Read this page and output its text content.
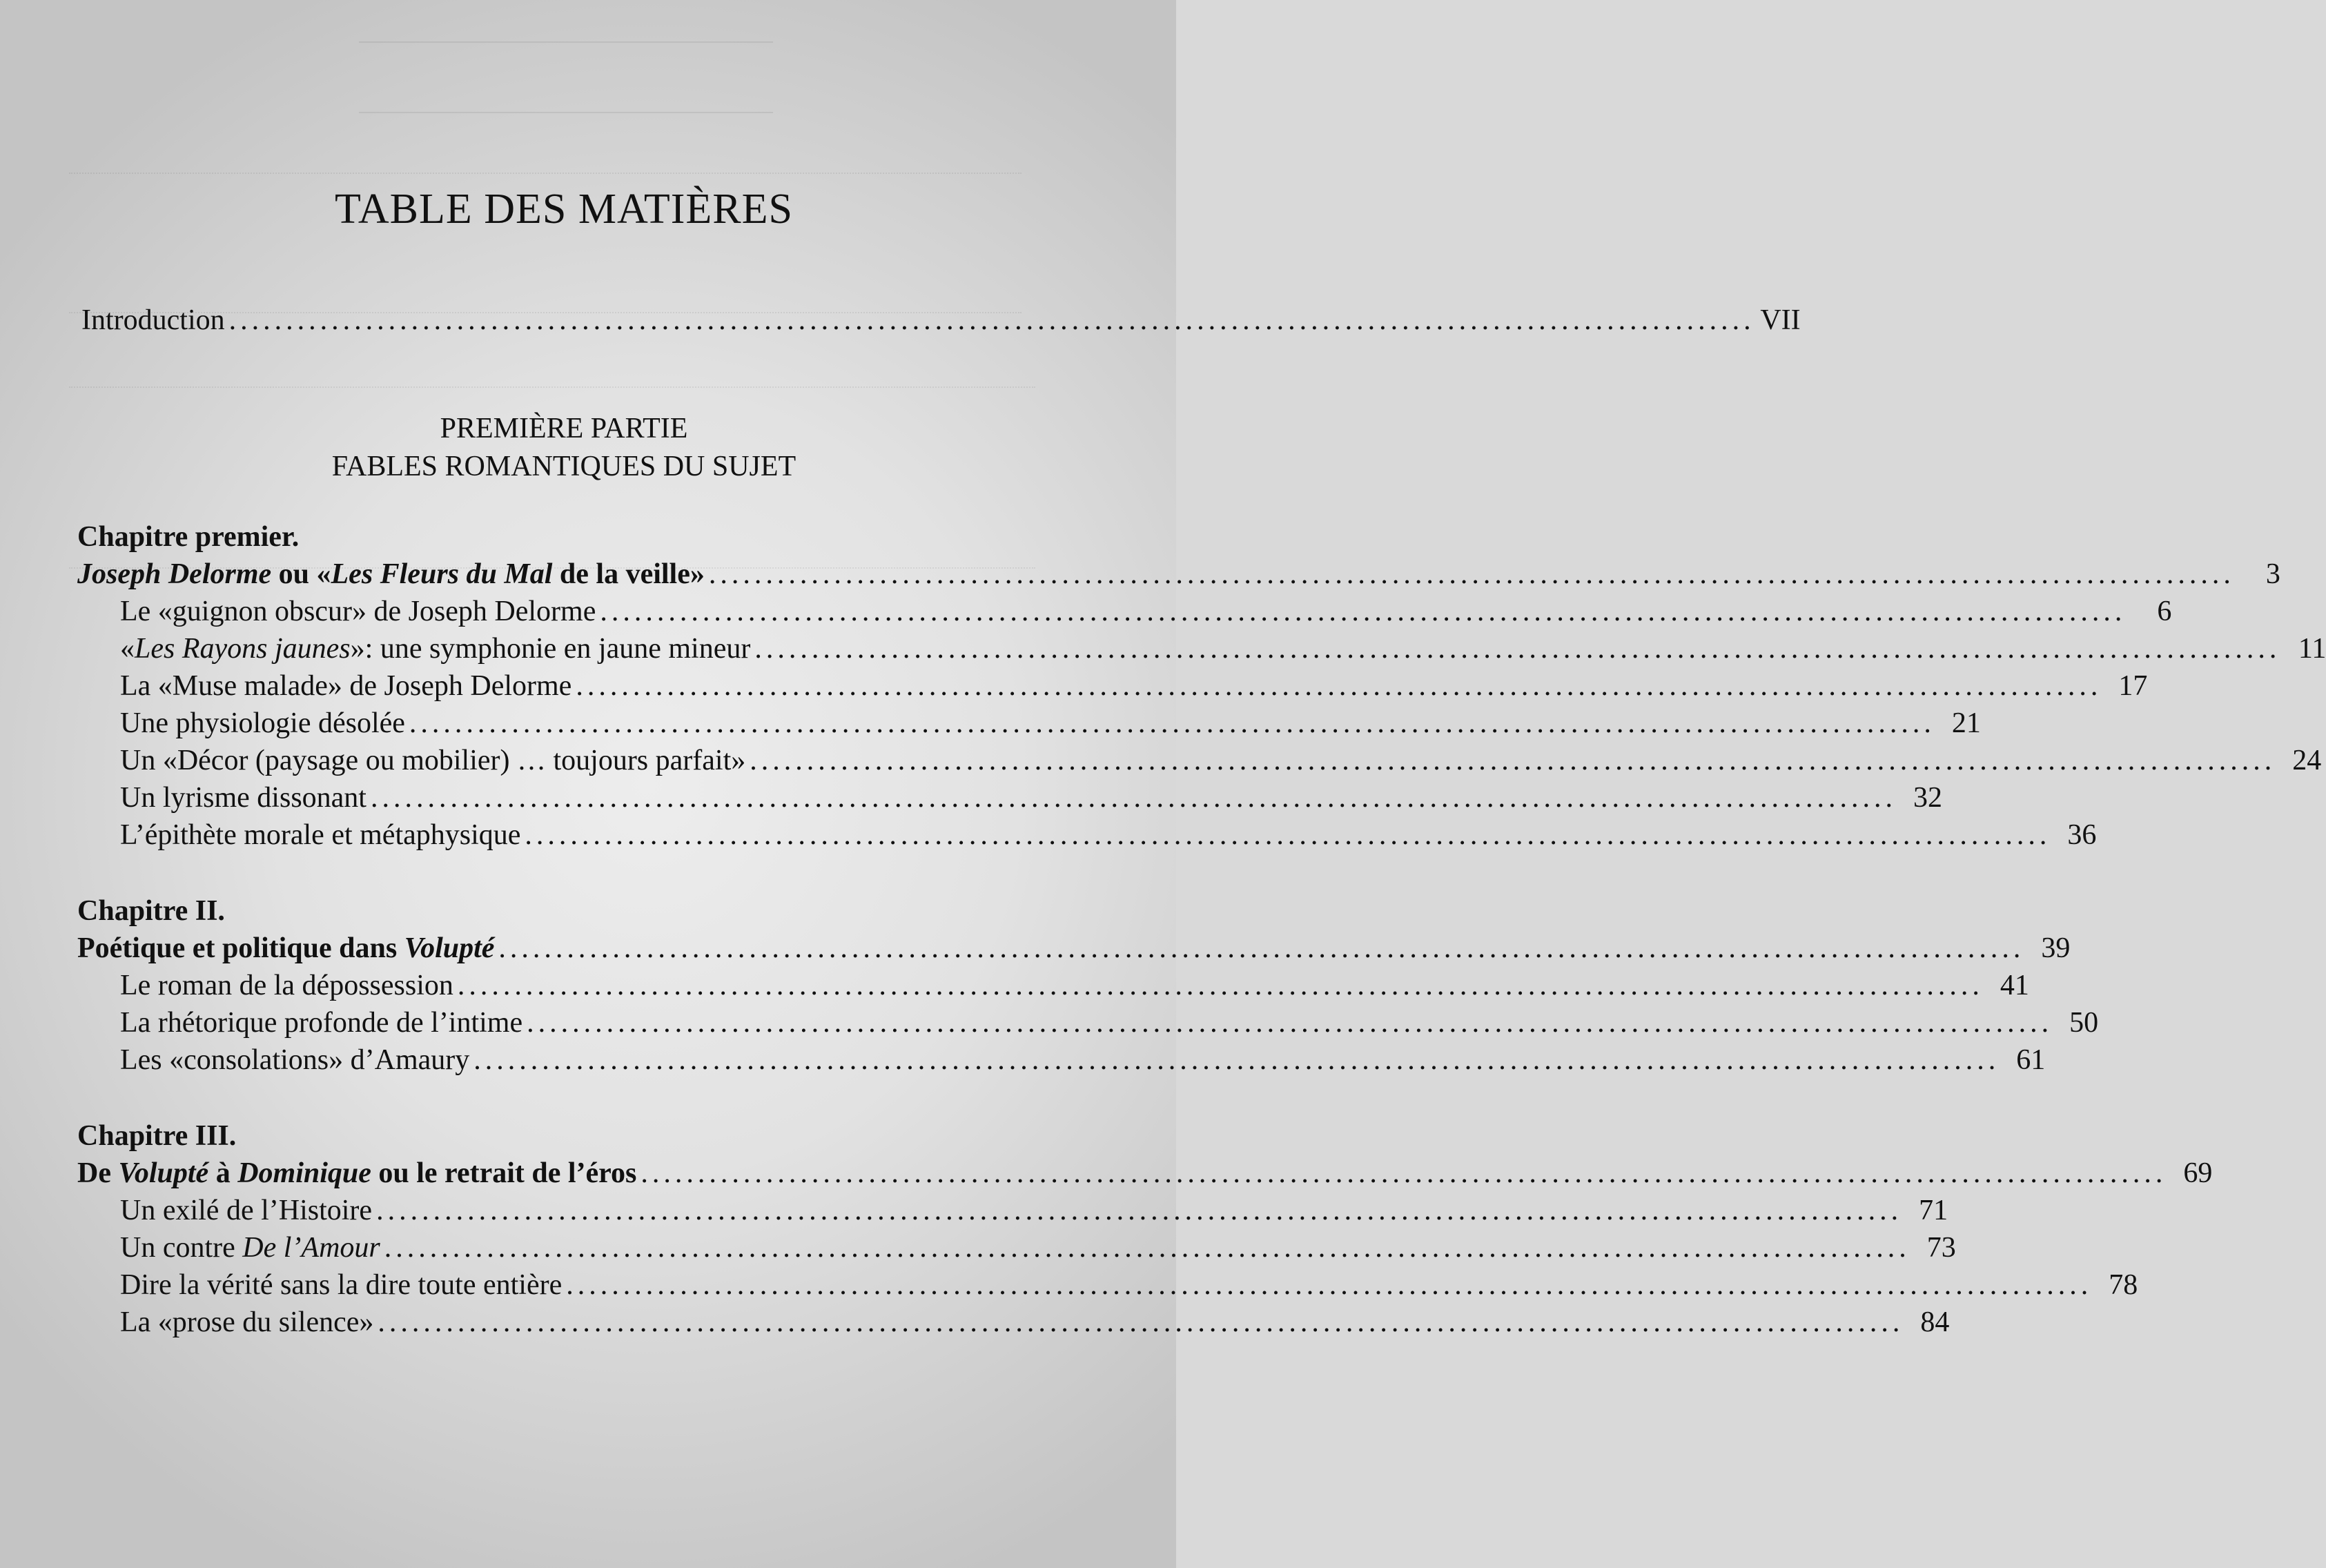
TABLE DES MATIÈRES
Introduction ...................................................................................................................................... VII
PREMIÈRE PARTIE
FABLES ROMANTIQUES DU SUJET
Chapitre premier.
Joseph Delorme ou «Les Fleurs du Mal de la veille» ......................................................................................................................................	3
Le «guignon obscur» de Joseph Delorme ......................................................................................................................................	6
«Les Rayons jaunes»: une symphonie en jaune mineur ...................................................................................................................................... 11
La «Muse malade» de Joseph Delorme ...................................................................................................................................... 17
Une physiologie désolée ...................................................................................................................................... 21
Un «Décor (paysage ou mobilier) … toujours parfait» ...................................................................................................................................... 24
Un lyrisme dissonant ...................................................................................................................................... 32
L’épithète morale et métaphysique ...................................................................................................................................... 36
Chapitre II.
Poétique et politique dans Volupté ...................................................................................................................................... 39
Le roman de la dépossession ...................................................................................................................................... 41
La rhétorique profonde de l’intime ...................................................................................................................................... 50
Les «consolations» d’Amaury ...................................................................................................................................... 61
Chapitre III.
De Volupté à Dominique ou le retrait de l’éros ...................................................................................................................................... 69
Un exilé de l’Histoire ...................................................................................................................................... 71
Un contre De l’Amour ...................................................................................................................................... 73
Dire la vérité sans la dire toute entière ...................................................................................................................................... 78
La «prose du silence» ...................................................................................................................................... 84
